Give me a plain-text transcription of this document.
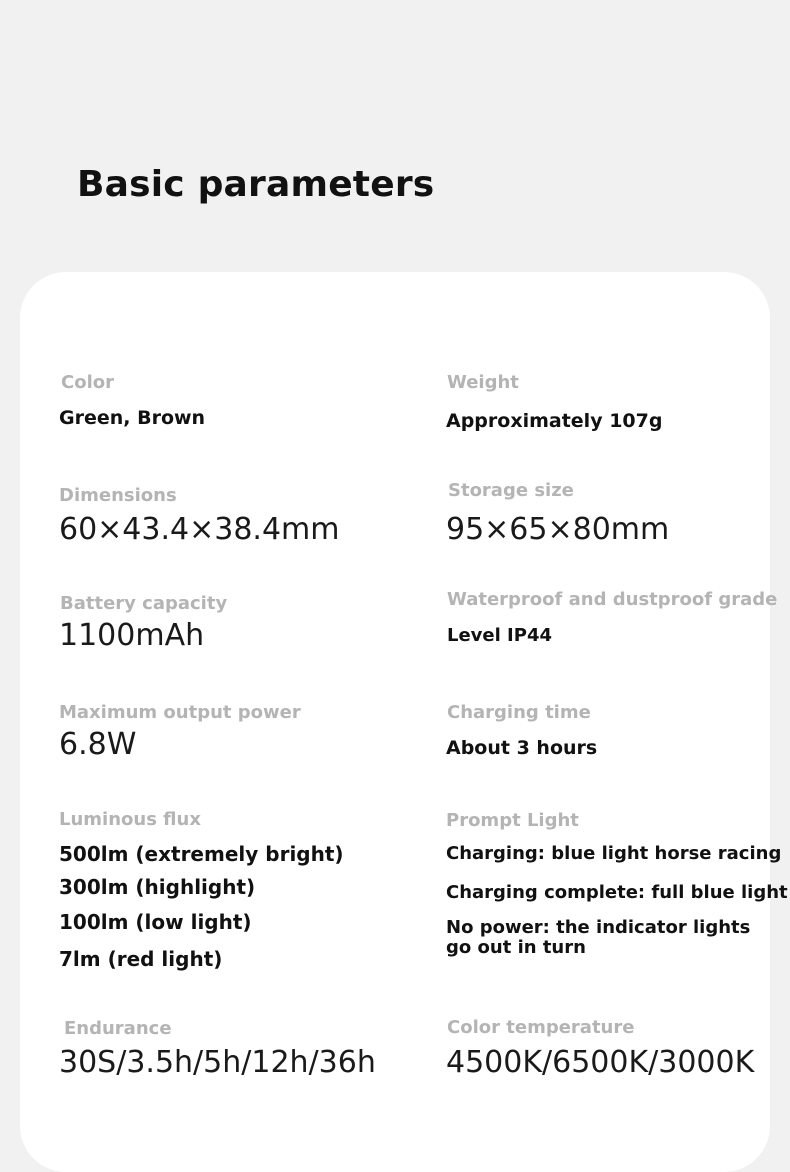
Basic parameters
Color
Green, Brown
Weight
Approximately 107g
Dimensions
60×43.4×38.4mm
Storage size
95×65×80mm
Battery capacity
1100mAh
Waterproof and dustproof grade
Level IP44
Maximum output power
6.8W
Charging time
About 3 hours
Luminous flux
500lm (extremely bright)
300lm (highlight)
100lm (low light)
7lm (red light)
Prompt Light
Charging: blue light horse racing
Charging complete: full blue light
No power: the indicator lights go out in turn
Endurance
30S/3.5h/5h/12h/36h
Color temperature
4500K/6500K/3000K
